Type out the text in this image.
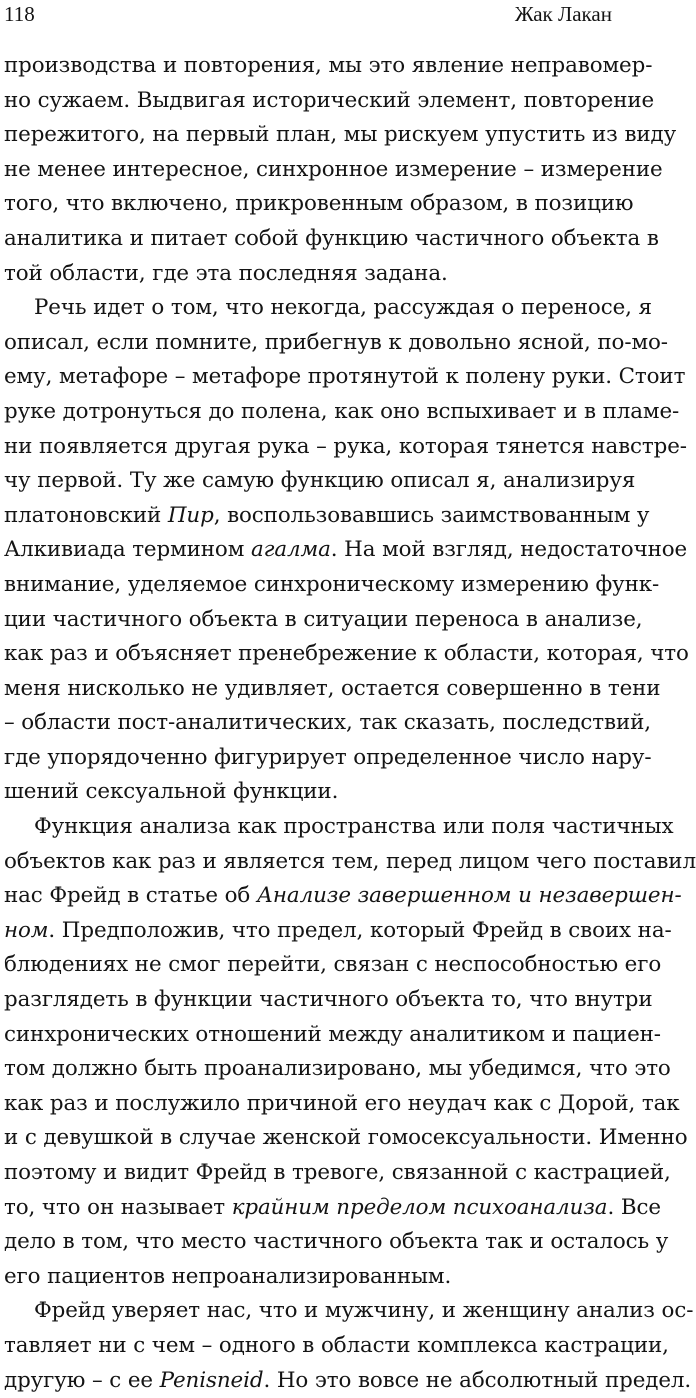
118	Жак Лакан
производства и повторения, мы это явление неправомер-
но сужаем. Выдвигая исторический элемент, повторение
пережитого, на первый план, мы рискуем упустить из виду
не менее интересное, синхронное измерение – измерение
того, что включено, прикровенным образом, в позицию
аналитика и питает собой функцию частичного объекта в
той области, где эта последняя задана.
Речь идет о том, что некогда, рассуждая о переносе, я
описал, если помните, прибегнув к довольно ясной, по-мо-
ему, метафоре – метафоре протянутой к полену руки. Стоит
руке дотронуться до полена, как оно вспыхивает и в пламе-
ни появляется другая рука – рука, которая тянется навстре-
чу первой. Ту же самую функцию описал я, анализируя
платоновский Пир, воспользовавшись заимствованным у
Алкивиада термином агалма. На мой взгляд, недостаточное
внимание, уделяемое синхроническому измерению функ-
ции частичного объекта в ситуации переноса в анализе,
как раз и объясняет пренебрежение к области, которая, что
меня нисколько не удивляет, остается совершенно в тени
– области пост-аналитических, так сказать, последствий,
где упорядоченно фигурирует определенное число нару-
шений сексуальной функции.
Функция анализа как пространства или поля частичных
объектов как раз и является тем, перед лицом чего поставил
нас Фрейд в статье об Анализе завершенном и незавершен-
ном. Предположив, что предел, который Фрейд в своих на-
блюдениях не смог перейти, связан с неспособностью его
разглядеть в функции частичного объекта то, что внутри
синхронических отношений между аналитиком и пациен-
том должно быть проанализировано, мы убедимся, что это
как раз и послужило причиной его неудач как с Дорой, так
и с девушкой в случае женской гомосексуальности. Именно
поэтому и видит Фрейд в тревоге, связанной с кастрацией,
то, что он называет крайним пределом психоанализа. Все
дело в том, что место частичного объекта так и осталось у
его пациентов непроанализированным.
Фрейд уверяет нас, что и мужчину, и женщину анализ ос-
тавляет ни с чем – одного в области комплекса кастрации,
другую – с ее Penisneid. Но это вовсе не абсолютный предел.
